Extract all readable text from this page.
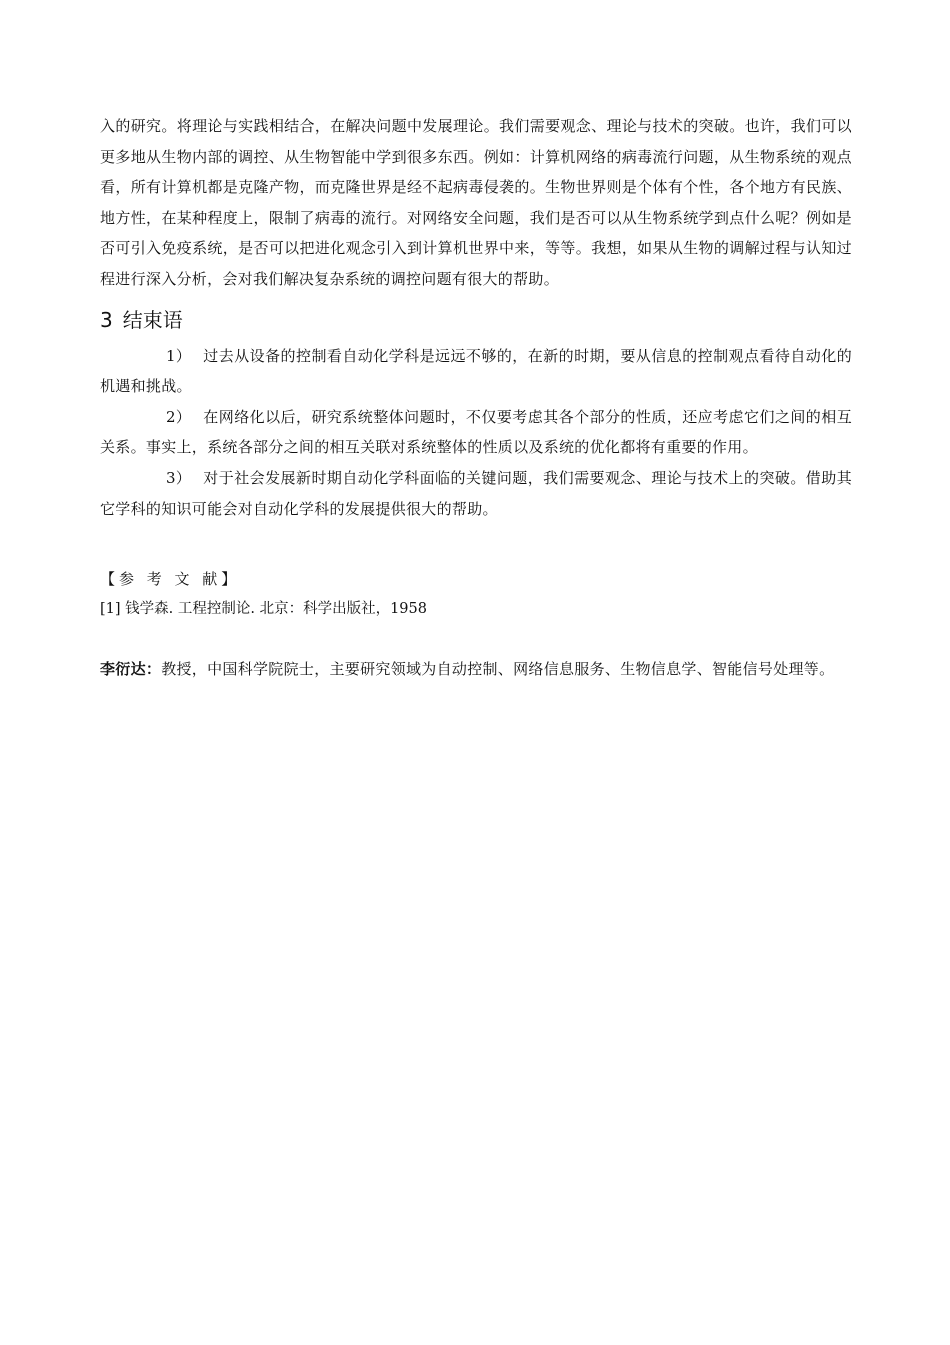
入的研究。将理论与实践相结合，在解决问题中发展理论。我们需要观念、理论与技术的突破。也许，我们可以更多地从生物内部的调控、从生物智能中学到很多东西。例如：计算机网络的病毒流行问题，从生物系统的观点看，所有计算机都是克隆产物，而克隆世界是经不起病毒侵袭的。生物世界则是个体有个性，各个地方有民族、地方性，在某种程度上，限制了病毒的流行。对网络安全问题，我们是否可以从生物系统学到点什么呢？例如是否可引入免疫系统，是否可以把进化观念引入到计算机世界中来，等等。我想，如果从生物的调解过程与认知过程进行深入分析，会对我们解决复杂系统的调控问题有很大的帮助。

3 结束语

1） 过去从设备的控制看自动化学科是远远不够的，在新的时期，要从信息的控制观点看待自动化的机遇和挑战。

2） 在网络化以后，研究系统整体问题时，不仅要考虑其各个部分的性质，还应考虑它们之间的相互关系。事实上，系统各部分之间的相互关联对系统整体的性质以及系统的优化都将有重要的作用。

3） 对于社会发展新时期自动化学科面临的关键问题，我们需要观念、理论与技术上的突破。借助其它学科的知识可能会对自动化学科的发展提供很大的帮助。

【参 考 文 献】

[1] 钱学森. 工程控制论. 北京：科学出版社，1958

李衍达：教授，中国科学院院士，主要研究领域为自动控制、网络信息服务、生物信息学、智能信号处理等。
